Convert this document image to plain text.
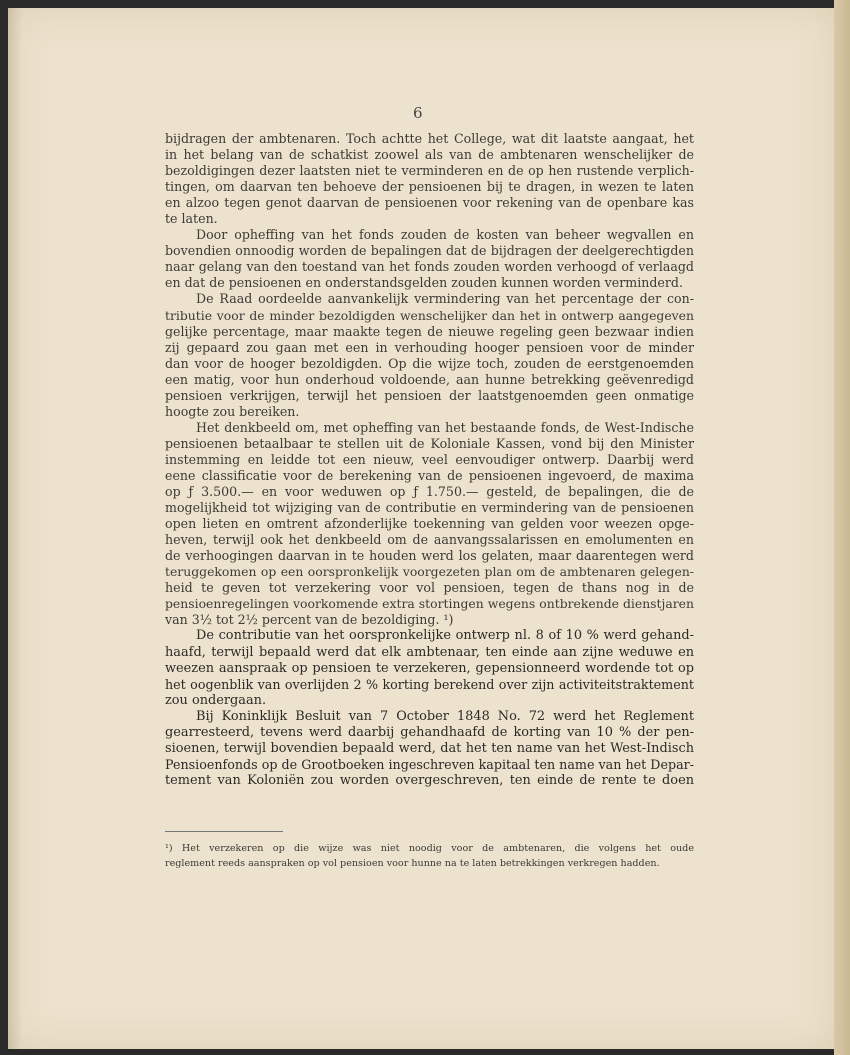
6
bijdragen der ambtenaren. Toch achtte het College, wat dit laatste aangaat, het
in het belang van de schatkist zoowel als van de ambtenaren wenschelijker de
bezoldigingen dezer laatsten niet te verminderen en de op hen rustende verplich-
tingen, om daarvan ten behoeve der pensioenen bij te dragen, in wezen te laten
en alzoo tegen genot daarvan de pensioenen voor rekening van de openbare kas
te laten.
Door opheffing van het fonds zouden de kosten van beheer wegvallen en
bovendien onnoodig worden de bepalingen dat de bijdragen der deelgerechtigden
naar gelang van den toestand van het fonds zouden worden verhoogd of verlaagd
en dat de pensioenen en onderstandsgelden zouden kunnen worden verminderd.
De Raad oordeelde aanvankelijk vermindering van het percentage der con-
tributie voor de minder bezoldigden wenschelijker dan het in ontwerp aangegeven
gelijke percentage, maar maakte tegen de nieuwe regeling geen bezwaar indien
zij gepaard zou gaan met een in verhouding hooger pensioen voor de minder
dan voor de hooger bezoldigden. Op die wijze toch, zouden de eerstgenoemden
een matig, voor hun onderhoud voldoende, aan hunne betrekking geëvenredigd
pensioen verkrijgen, terwijl het pensioen der laatstgenoemden geen onmatige
hoogte zou bereiken.
Het denkbeeld om, met opheffing van het bestaande fonds, de West-Indische
pensioenen betaalbaar te stellen uit de Koloniale Kassen, vond bij den Minister
instemming en leidde tot een nieuw, veel eenvoudiger ontwerp. Daarbij werd
eene classificatie voor de berekening van de pensioenen ingevoerd, de maxima
op ƒ 3.500.— en voor weduwen op ƒ 1.750.— gesteld, de bepalingen, die de
mogelijkheid tot wijziging van de contributie en vermindering van de pensioenen
open lieten en omtrent afzonderlijke toekenning van gelden voor weezen opge-
heven, terwijl ook het denkbeeld om de aanvangssalarissen en emolumenten en
de verhoogingen daarvan in te houden werd los gelaten, maar daarentegen werd
teruggekomen op een oorspronkelijk voorgezeten plan om de ambtenaren gelegen-
heid te geven tot verzekering voor vol pensioen, tegen de thans nog in de
pensioenregelingen voorkomende extra stortingen wegens ontbrekende dienstjaren
van 3½ tot 2½ percent van de bezoldiging. ¹)
De contributie van het oorspronkelijke ontwerp nl. 8 of 10 % werd gehand-
haafd, terwijl bepaald werd dat elk ambtenaar, ten einde aan zijne weduwe en
weezen aanspraak op pensioen te verzekeren, gepensionneerd wordende tot op
het oogenblik van overlijden 2 % korting berekend over zijn activiteitstraktement
zou ondergaan.
Bij Koninklijk Besluit van 7 October 1848 No. 72 werd het Reglement
gearresteerd, tevens werd daarbij gehandhaafd de korting van 10 % der pen-
sioenen, terwijl bovendien bepaald werd, dat het ten name van het West-Indisch
Pensioenfonds op de Grootboeken ingeschreven kapitaal ten name van het Depar-
tement van Koloniën zou worden overgeschreven, ten einde de rente te doen
¹) Het verzekeren op die wijze was niet noodig voor de ambtenaren, die volgens het oude
reglement reeds aanspraken op vol pensioen voor hunne na te laten betrekkingen verkregen hadden.
